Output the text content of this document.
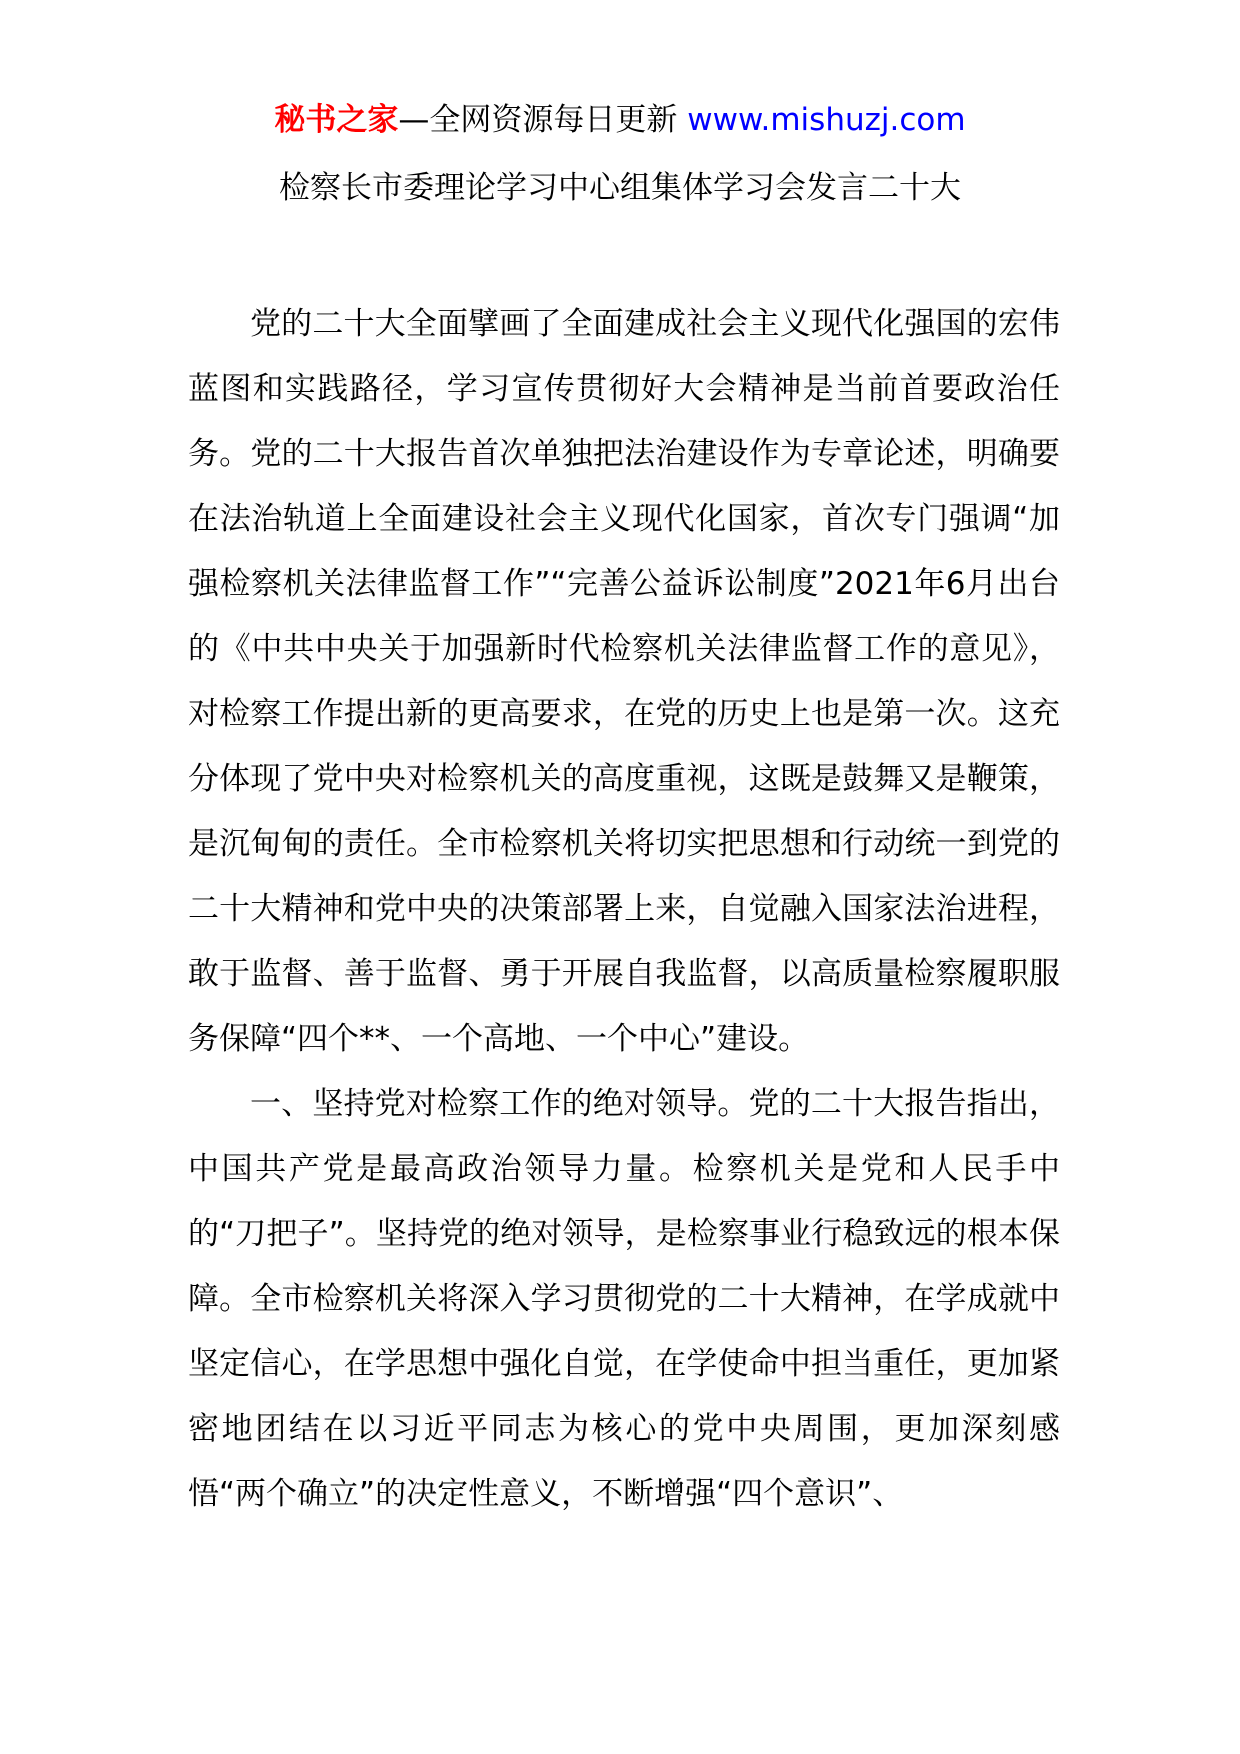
秘书之家—全网资源每日更新 www.mishuzj.com
检察长市委理论学习中心组集体学习会发言二十大

党的二十大全面擘画了全面建成社会主义现代化强国的宏伟蓝图和实践路径，学习宣传贯彻好大会精神是当前首要政治任务。党的二十大报告首次单独把法治建设作为专章论述，明确要在法治轨道上全面建设社会主义现代化国家，首次专门强调“加强检察机关法律监督工作”“完善公益诉讼制度”2021年6月出台的《中共中央关于加强新时代检察机关法律监督工作的意见》，对检察工作提出新的更高要求，在党的历史上也是第一次。这充分体现了党中央对检察机关的高度重视，这既是鼓舞又是鞭策，是沉甸甸的责任。全市检察机关将切实把思想和行动统一到党的二十大精神和党中央的决策部署上来，自觉融入国家法治进程，敢于监督、善于监督、勇于开展自我监督，以高质量检察履职服务保障“四个**、一个高地、一个中心”建设。

一、坚持党对检察工作的绝对领导。党的二十大报告指出，中国共产党是最高政治领导力量。检察机关是党和人民手中的“刀把子”。坚持党的绝对领导，是检察事业行稳致远的根本保障。全市检察机关将深入学习贯彻党的二十大精神，在学成就中坚定信心，在学思想中强化自觉，在学使命中担当重任，更加紧密地团结在以习近平同志为核心的党中央周围，更加深刻感悟“两个确立”的决定性意义，不断增强“四个意识”、
